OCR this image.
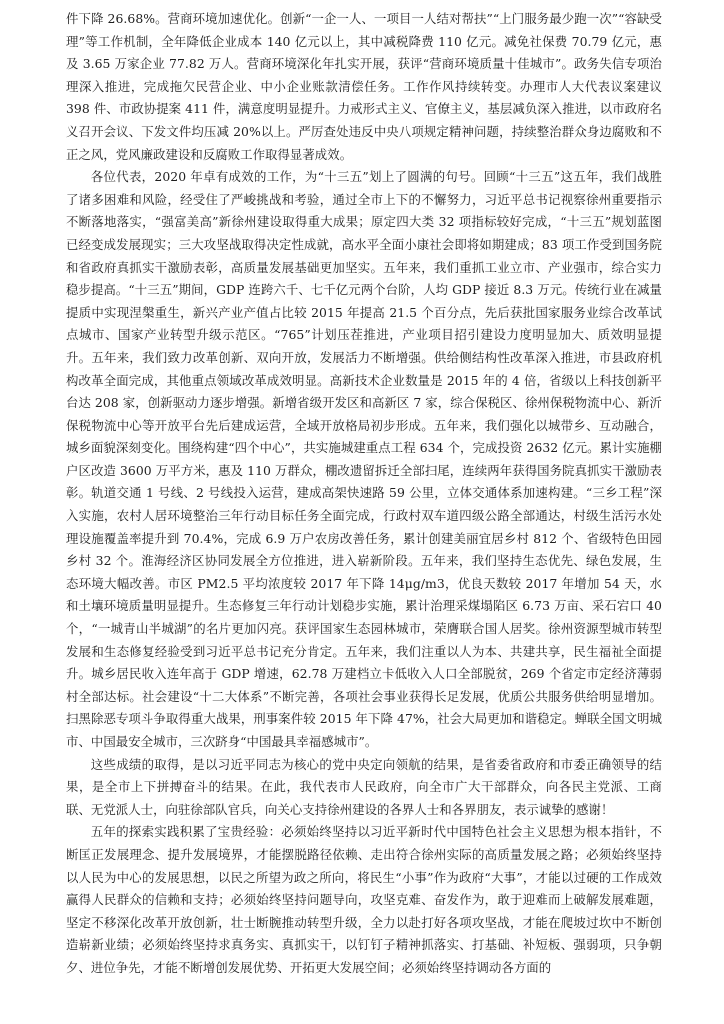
件下降 26.68%。营商环境加速优化。创新“一企一人、一项目一人结对帮扶”“上门服务最少跑一次”“容缺受理”等工作机制，全年降低企业成本 140 亿元以上，其中减税降费 110 亿元。减免社保费 70.79 亿元，惠及 3.65 万家企业 77.82 万人。营商环境深化年扎实开展，获评“营商环境质量十佳城市”。政务失信专项治理深入推进，完成拖欠民营企业、中小企业账款清偿任务。工作作风持续转变。办理市人大代表议案建议 398 件、市政协提案 411 件，满意度明显提升。力戒形式主义、官僚主义，基层减负深入推进，以市政府名义召开会议、下发文件均压减 20%以上。严厉查处违反中央八项规定精神问题，持续整治群众身边腐败和不正之风，党风廉政建设和反腐败工作取得显著成效。

各位代表，2020 年卓有成效的工作，为“十三五”划上了圆满的句号。回顾“十三五”这五年，我们战胜了诸多困难和风险，经受住了严峻挑战和考验，通过全市上下的不懈努力，习近平总书记视察徐州重要指示不断落地落实，“强富美高”新徐州建设取得重大成果；原定四大类 32 项指标较好完成，“十三五”规划蓝图已经变成发展现实；三大攻坚战取得决定性成就，高水平全面小康社会即将如期建成；83 项工作受到国务院和省政府真抓实干激励表彰，高质量发展基础更加坚实。五年来，我们重抓工业立市、产业强市，综合实力稳步提高。“十三五”期间，GDP 连跨六千、七千亿元两个台阶，人均 GDP 接近 8.3 万元。传统行业在减量提质中实现涅槃重生，新兴产业产值占比较 2015 年提高 21.5 个百分点，先后获批国家服务业综合改革试点城市、国家产业转型升级示范区。“765”计划压茬推进，产业项目招引建设力度明显加大、质效明显提升。五年来，我们致力改革创新、双向开放，发展活力不断增强。供给侧结构性改革深入推进，市县政府机构改革全面完成，其他重点领域改革成效明显。高新技术企业数量是 2015 年的 4 倍，省级以上科技创新平台达 208 家，创新驱动力逐步增强。新增省级开发区和高新区 7 家，综合保税区、徐州保税物流中心、新沂保税物流中心等开放平台先后建成运营，全域开放格局初步形成。五年来，我们强化以城带乡、互动融合，城乡面貌深刻变化。围绕构建“四个中心”，共实施城建重点工程 634 个，完成投资 2632 亿元。累计实施棚户区改造 3600 万平方米，惠及 110 万群众，棚改遗留拆迁全部扫尾，连续两年获得国务院真抓实干激励表彰。轨道交通 1 号线、2 号线投入运营，建成高架快速路 59 公里，立体交通体系加速构建。“三乡工程”深入实施，农村人居环境整治三年行动目标任务全面完成，行政村双车道四级公路全部通达，村级生活污水处理设施覆盖率提升到 70.4%，完成 6.9 万户农房改善任务，累计创建美丽宜居乡村 812 个、省级特色田园乡村 32 个。淮海经济区协同发展全方位推进，进入崭新阶段。五年来，我们坚持生态优先、绿色发展，生态环境大幅改善。市区 PM2.5 平均浓度较 2017 年下降 14μg/m3，优良天数较 2017 年增加 54 天，水和土壤环境质量明显提升。生态修复三年行动计划稳步实施，累计治理采煤塌陷区 6.73 万亩、采石宕口 40 个，“一城青山半城湖”的名片更加闪亮。获评国家生态园林城市，荣膺联合国人居奖。徐州资源型城市转型发展和生态修复经验受到习近平总书记充分肯定。五年来，我们注重以人为本、共建共享，民生福祉全面提升。城乡居民收入连年高于 GDP 增速，62.78 万建档立卡低收入人口全部脱贫，269 个省定市定经济薄弱村全部达标。社会建设“十二大体系”不断完善，各项社会事业获得长足发展，优质公共服务供给明显增加。扫黑除恶专项斗争取得重大战果，刑事案件较 2015 年下降 47%，社会大局更加和谐稳定。蝉联全国文明城市、中国最安全城市，三次跻身“中国最具幸福感城市”。

这些成绩的取得，是以习近平同志为核心的党中央定向领航的结果，是省委省政府和市委正确领导的结果，是全市上下拼搏奋斗的结果。在此，我代表市人民政府，向全市广大干部群众，向各民主党派、工商联、无党派人士，向驻徐部队官兵，向关心支持徐州建设的各界人士和各界朋友，表示诚挚的感谢！

五年的探索实践积累了宝贵经验：必须始终坚持以习近平新时代中国特色社会主义思想为根本指针，不断匡正发展理念、提升发展境界，才能摆脱路径依赖、走出符合徐州实际的高质量发展之路；必须始终坚持以人民为中心的发展思想，以民之所望为政之所向，将民生“小事”作为政府“大事”，才能以过硬的工作成效赢得人民群众的信赖和支持；必须始终坚持问题导向，攻坚克难、奋发作为，敢于迎难而上破解发展难题，坚定不移深化改革开放创新，壮士断腕推动转型升级，全力以赴打好各项攻坚战，才能在爬坡过坎中不断创造崭新业绩；必须始终坚持求真务实、真抓实干，以钉钉子精神抓落实、打基础、补短板、强弱项，只争朝夕、进位争先，才能不断增创发展优势、开拓更大发展空间；必须始终坚持调动各方面的
